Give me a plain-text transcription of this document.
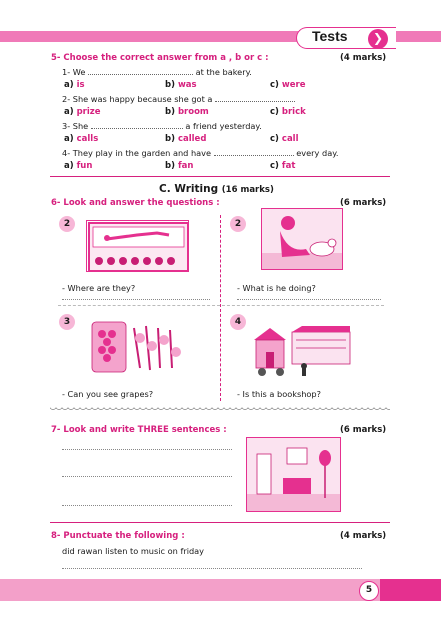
Tests	❯
5- Choose the correct answer from a , b or c :	(4 marks)
1- We	at the bakery.
a) is	b) was	c) were
2- She was happy because she got a
a) prize	b) broom	c) brick
3- She	a friend yesterday.
a) calls	b) called	c) call
4- They play in the garden and have	every day.
a) fun	b) fan	c) fat
C. Writing (16 marks)
6- Look and answer the questions :	(6 marks)
2
- Where are they?
2
- What is he doing?
3
- Can you see grapes?
4
- Is this a bookshop?
7- Look and write THREE sentences :	(6 marks)
8- Punctuate the following :	(4 marks)
did rawan listen to music on friday
5
